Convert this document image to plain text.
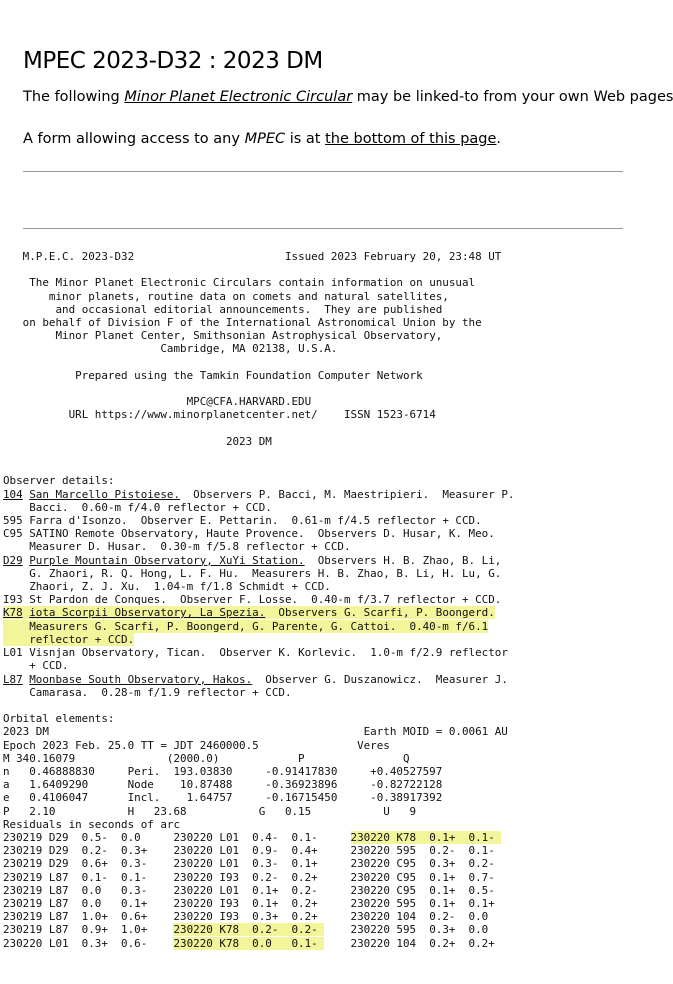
MPEC 2023-D32 : 2023 DM

The following Minor Planet Electronic Circular may be linked-to from your own Web pages

A form allowing access to any MPEC is at the bottom of this page.

M.P.E.C. 2023-D32	Issued 2023 February 20, 23:48 UT

The Minor Planet Electronic Circulars contain information on unusual
minor planets, routine data on comets and natural satellites,
and occasional editorial announcements.  They are published
on behalf of Division F of the International Astronomical Union by the
Minor Planet Center, Smithsonian Astrophysical Observatory,
Cambridge, MA 02138, U.S.A.

Prepared using the Tamkin Foundation Computer Network

MPC@CFA.HARVARD.EDU
URL https://www.minorplanetcenter.net/    ISSN 1523-6714

2023 DM

Observer details:
104 San Marcello Pistoiese.  Observers P. Bacci, M. Maestripieri.  Measurer P.
Bacci.  0.60-m f/4.0 reflector + CCD.
595 Farra d'Isonzo.  Observer E. Pettarin.  0.61-m f/4.5 reflector + CCD.
C95 SATINO Remote Observatory, Haute Provence.  Observers D. Husar, K. Meo.
Measurer D. Husar.  0.30-m f/5.8 reflector + CCD.
D29 Purple Mountain Observatory, XuYi Station.  Observers H. B. Zhao, B. Li,
G. Zhaori, R. Q. Hong, L. F. Hu.  Measurers H. B. Zhao, B. Li, H. Lu, G.
Zhaori, Z. J. Xu.  1.04-m f/1.8 Schmidt + CCD.
I93 St Pardon de Conques.  Observer F. Losse.  0.40-m f/3.7 reflector + CCD.
K78 iota Scorpii Observatory, La Spezia.  Observers G. Scarfi, P. Boongerd.
Measurers G. Scarfi, P. Boongerd, G. Parente, G. Cattoi.  0.40-m f/6.1
reflector + CCD.
L01 Visnjan Observatory, Tican.  Observer K. Korlevic.  1.0-m f/2.9 reflector
+ CCD.
L87 Moonbase South Observatory, Hakos.  Observer G. Duszanowicz.  Measurer J.
Camarasa.  0.28-m f/1.9 reflector + CCD.

Orbital elements:
2023 DM                                                Earth MOID = 0.0061 AU
Epoch 2023 Feb. 25.0 TT = JDT 2460000.5               Veres
M 340.16079              (2000.0)            P               Q
n   0.46888830     Peri.  193.03830     -0.91417830     +0.40527597
a   1.6409290      Node    10.87488     -0.36923896     -0.82722128
e   0.4106047      Incl.    1.64757     -0.16715450     -0.38917392
P   2.10           H   23.68           G   0.15           U   9
Residuals in seconds of arc
230219 D29  0.5-  0.0     230220 L01  0.4-  0.1-     230220 K78  0.1+  0.1-
230219 D29  0.2-  0.3+ 230220 L01  0.9-  0.4+     230220 595  0.2-  0.1-
230219 D29  0.6+  0.3- 230220 L01  0.3-  0.1+     230220 C95  0.3+  0.2-
230219 L87  0.1-  0.1- 230220 I93  0.2-  0.2+     230220 C95  0.1+  0.7-
230219 L87  0.0   0.3- 230220 L01  0.1+  0.2-     230220 C95  0.1+  0.5-
230219 L87  0.0   0.1+ 230220 I93  0.1+  0.2+     230220 595  0.1+  0.1+
230219 L87  1.0+  0.6+ 230220 I93  0.3+  0.2+     230220 104  0.2-  0.0
230219 L87  0.9+  1.0+ 230220 K78  0.2-  0.2-     230220 595  0.3+  0.0
230220 L01  0.3+  0.6- 230220 K78  0.0   0.1-     230220 104  0.2+  0.2+
